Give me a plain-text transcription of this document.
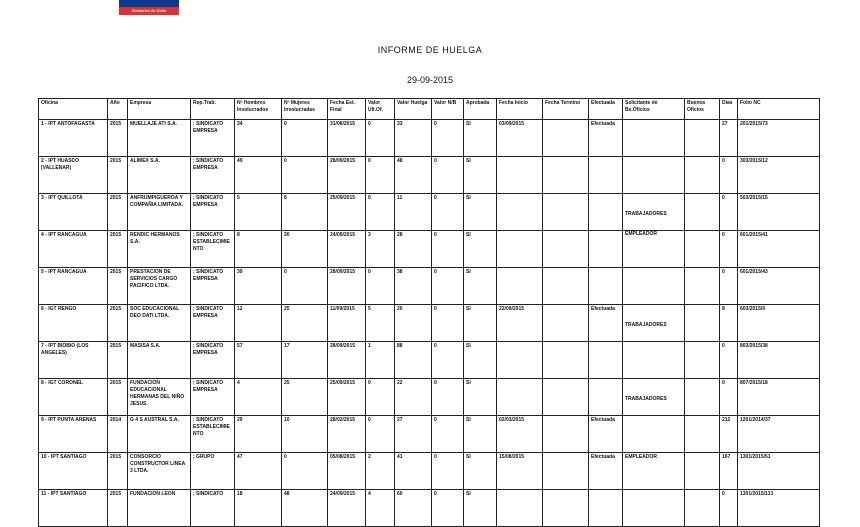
Gobierno de Chile
INFORME DE HUELGA
29-09-2015
Oficina	Año	Empresa	Rep.Trab.	Nº Hombres Involucrados	Nº Mujeres Involucradas	Fecha Est. Final	Valor Ult.Of.	Valor Huelga	Valor N/B	Aprobada	Fecha Inicio	Fecha Termino	Efectuada	Solicitante de Bs.Oficios	Buenos Oficios	Días	Folio NC
1 - IPT ANTOFAGASTA	2015	MUELLAJE ATI S.A.	; SINDICATO EMPRESA	34	0	31/08/2015	0	33	0	SI	03/09/2015		Efectuada			27	201/2015/73
2 - IPT HUASCO (VALLENAR)	2015	ALIMEX S.A.	; SINDICATO EMPRESA	49	0	28/09/2015	0	48	0	SI						0	303/2015/12
3 - IPT QUILLOTA	2015	ANFRUMPIGUEROA Y COMPAÑIA LIMITADA.	; SINDICATO EMPRESA	5	8	25/09/2015	0	11	0	SI				TRABAJADORES		0	503/2015/15
4 - IPT RANCAGUA	2015	RENDIC HERMANOS S.A.	; SINDICATO ESTABLECIMIENTO	8	30	24/09/2015	3	28	0	SI				EMPLEADOR		0	601/2015/41
5 - IPT RANCAGUA	2015	PRESTACION DE SERVICIOS CARGO PACIFICO LTDA.	; SINDICATO EMPRESA	39	0	28/09/2015	0	38	0	SI						0	601/2015/43
6 - IGT RENGO	2015	SOC EDUCACIONAL DEO DATI LTDA.	; SINDICATO EMPRESA	12	25	11/09/2015	5	20	0	SI	22/09/2015		Efectuada	TRABAJADORES		8	603/2015/9
7 - IPT BIOBIO (LOS ANGELES)	2015	MASISA S.A.	; SINDICATO EMPRESA	57	17	28/09/2015	1	88	0	SI						0	803/2015/38
8 - IGT CORONEL	2015	FUNDACION EDUCACIONAL HERMANAS DEL NIÑO JESUS.	; SINDICATO EMPRESA	4	25	25/09/2015	0	22	0	SI				TRABAJADORES		0	807/2015/18
9 - IPT PUNTA ARENAS	2014	G 4 S AUSTRAL S.A.	; SINDICATO ESTABLECIMIENTO	29	10	28/02/2015	0	27	0	SI	02/03/2015		Efectuada			212	1201/2014/37
10 - IPT SANTIAGO	2015	CONSORCIO CONSTRUCTOR LINEA 3 LTDA.	; GRUPO	47	0	05/08/2015	2	41	0	SI	15/08/2015		Efectuada	EMPLEADOR		167	1301/2015/51
11 - IPT SANTIAGO	2015	FUNDACION LEON	; SINDICATO	18	48	24/09/2015	4	60	0	SI						0	1301/2015/131
